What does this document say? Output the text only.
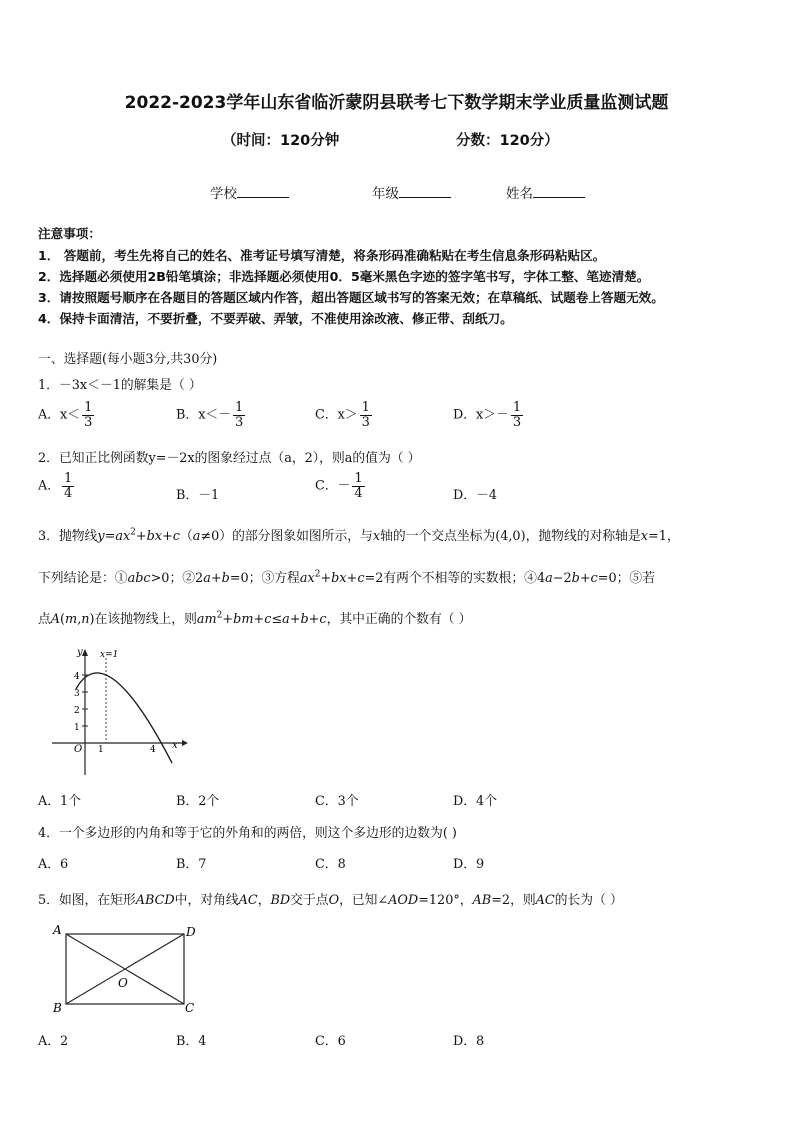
2022-2023学年山东省临沂蒙阴县联考七下数学期末学业质量监测试题
（时间：120分钟	分数：120分）
学校	年级	姓名
注意事项：
1． 答题前，考生先将自己的姓名、准考证号填写清楚，将条形码准确粘贴在考生信息条形码粘贴区。
2．选择题必须使用2B铅笔填涂；非选择题必须使用0．5毫米黑色字迹的签字笔书写，字体工整、笔迹清楚。
3．请按照题号顺序在各题目的答题区域内作答，超出答题区域书写的答案无效；在草稿纸、试题卷上答题无效。
4．保持卡面清洁，不要折叠，不要弄破、弄皱，不准使用涂改液、修正带、刮纸刀。
一、选择题(每小题3分,共30分)
1．－3x＜－1的解集是（ ）
A．$x< \frac{1}{3}$	B．$x<- \frac{1}{3}$	C．$x> \frac{1}{3}$	D．$x>- \frac{1}{3}$
2．已知正比例函数y=－2x的图象经过点（a，2），则a的值为（ ）
A． $\frac{1}{4}$	B．－1
C．－ $\frac{1}{4}$	D．－4
3．抛物线$y=ax^2+bx+c(a\ne 0)$的部分图象如图所示，与x轴的一个交点坐标为(4,0)，抛物线的对称轴是x=1，
下列结论是：①abc>0；②2a+b=0；③方程$ax^2+bx+c=2$有两个不相等的实数根；④4a−2b+c=0；⑤若
点A(m,n)在该抛物线上，则$am^2+bm+c\le a+b+c$，其中正确的个数有（ ）
y x=1
4
3
2
1
O 1	4 x
A．1个	B．2个	C．3个	D．4个
4．一个多边形的内角和等于它的外角和的两倍，则这个多边形的边数为( )
A．6	B．7	C．8	D．9
5．如图，在矩形ABCD中，对角线AC，BD交于点O，已知∠AOD=120°，AB=2，则AC的长为（ ）
A	D
B	C
O
A．2	B．4	C．6	D．8
